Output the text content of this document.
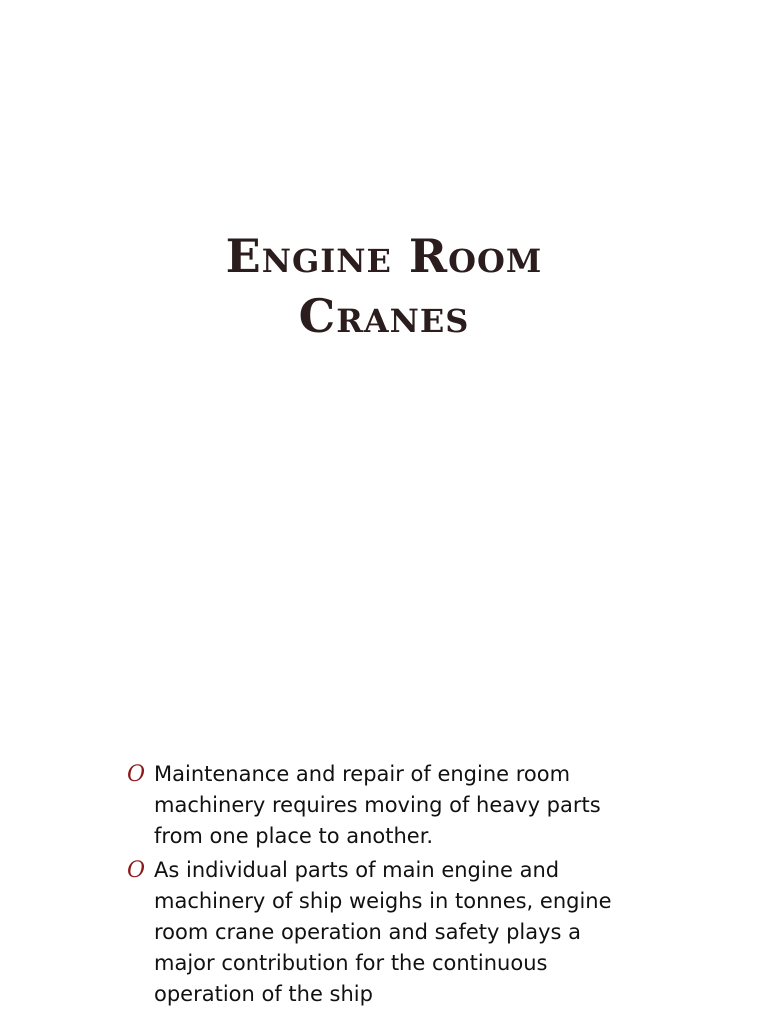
Engine Room
Cranes
O Maintenance and repair of engine room
machinery requires moving of heavy parts
from one place to another.
O As individual parts of main engine and
machinery of ship weighs in tonnes, engine
room crane operation and safety plays a
major contribution for the continuous
operation of the ship
